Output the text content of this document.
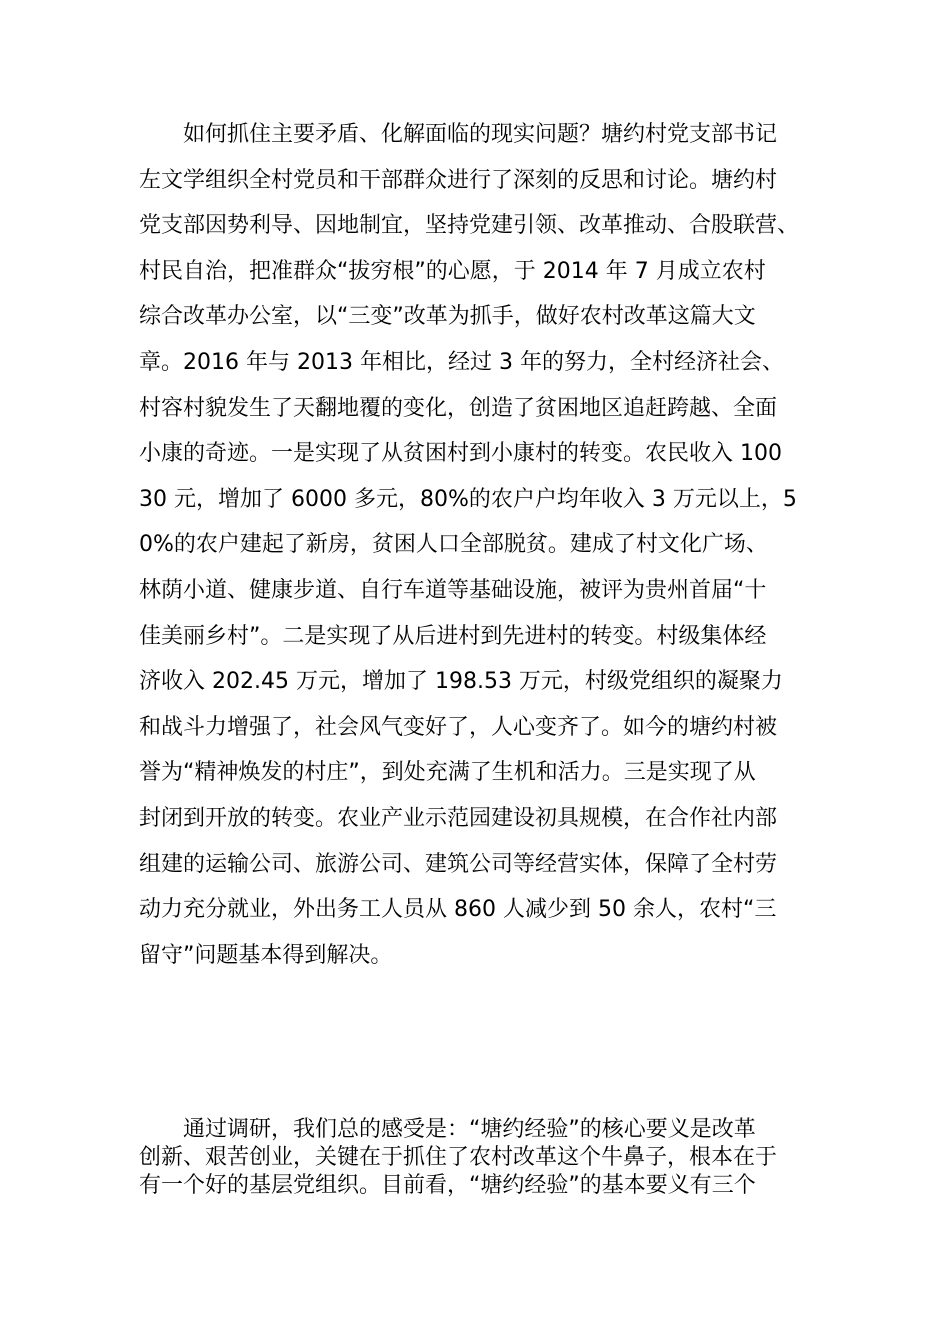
　　如何抓住主要矛盾、化解面临的现实问题？塘约村党支部书记
左文学组织全村党员和干部群众进行了深刻的反思和讨论。塘约村
党支部因势利导、因地制宜，坚持党建引领、改革推动、合股联营、
村民自治，把准群众“拔穷根”的心愿，于 2014 年 7 月成立农村
综合改革办公室，以“三变”改革为抓手，做好农村改革这篇大文
章。2016 年与 2013 年相比，经过 3 年的努力，全村经济社会、
村容村貌发生了天翻地覆的变化，创造了贫困地区追赶跨越、全面
小康的奇迹。一是实现了从贫困村到小康村的转变。农民收入 100
30 元，增加了 6000 多元，80%的农户户均年收入 3 万元以上，5
0%的农户建起了新房，贫困人口全部脱贫。建成了村文化广场、
林荫小道、健康步道、自行车道等基础设施，被评为贵州首届“十
佳美丽乡村”。二是实现了从后进村到先进村的转变。村级集体经
济收入 202.45 万元，增加了 198.53 万元，村级党组织的凝聚力
和战斗力增强了，社会风气变好了，人心变齐了。如今的塘约村被
誉为“精神焕发的村庄”，到处充满了生机和活力。三是实现了从
封闭到开放的转变。农业产业示范园建设初具规模，在合作社内部
组建的运输公司、旅游公司、建筑公司等经营实体，保障了全村劳
动力充分就业，外出务工人员从 860 人减少到 50 余人，农村“三
留守”问题基本得到解决。
　　通过调研，我们总的感受是：“塘约经验”的核心要义是改革
创新、艰苦创业，关键在于抓住了农村改革这个牛鼻子，根本在于
有一个好的基层党组织。目前看，“塘约经验”的基本要义有三个
